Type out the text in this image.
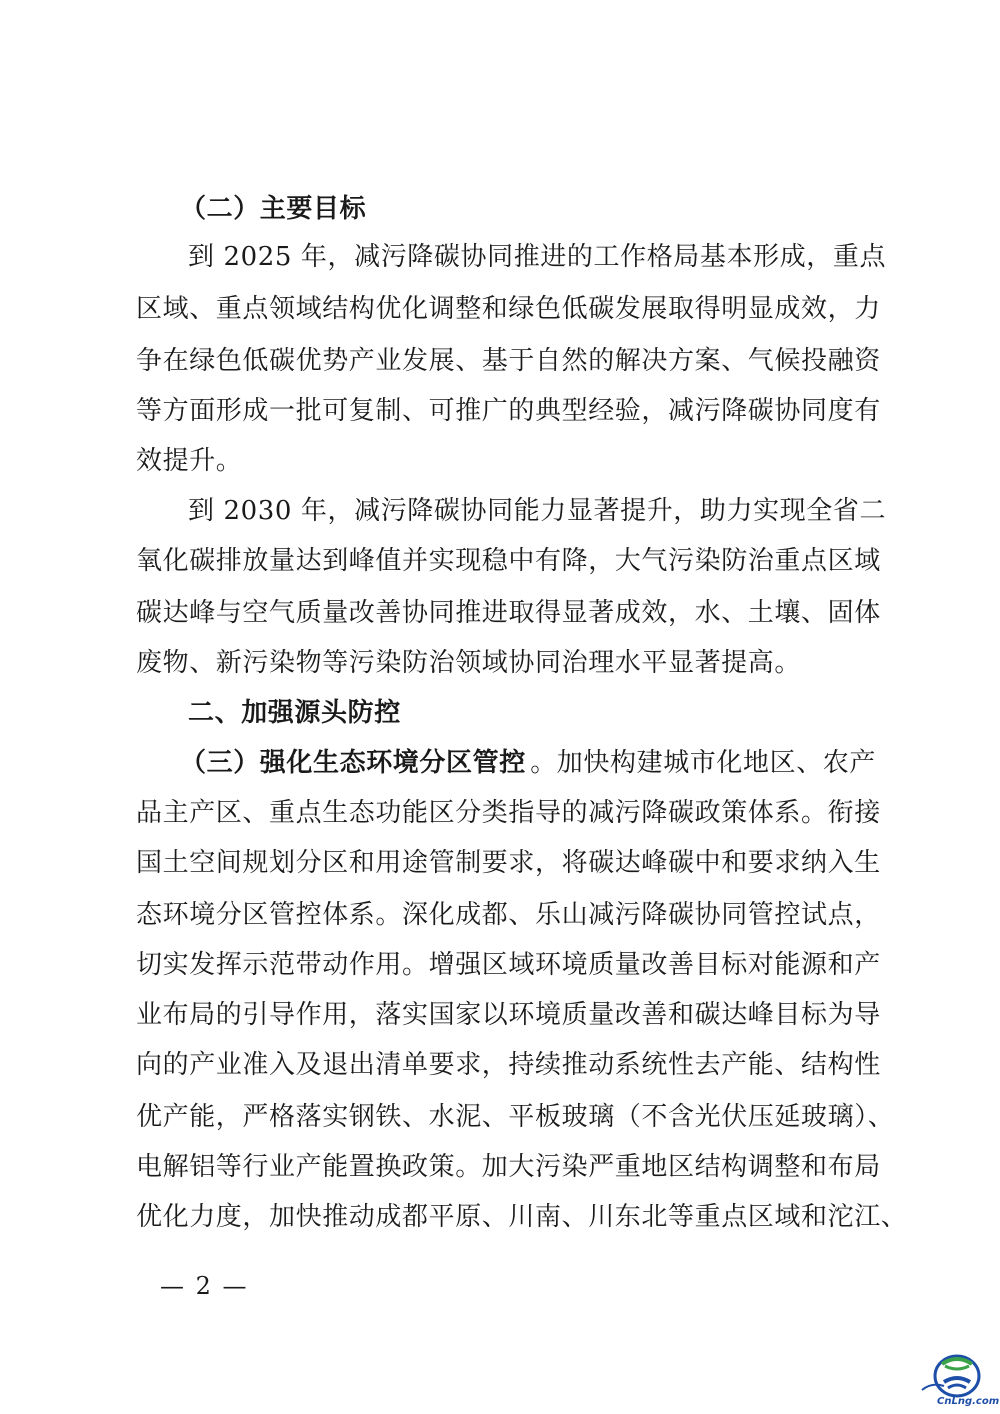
（二）主要目标
到 2025 年，减污降碳协同推进的工作格局基本形成，重点
区域、重点领域结构优化调整和绿色低碳发展取得明显成效，力
争在绿色低碳优势产业发展、基于自然的解决方案、气候投融资
等方面形成一批可复制、可推广的典型经验，减污降碳协同度有
效提升。
到 2030 年，减污降碳协同能力显著提升，助力实现全省二
氧化碳排放量达到峰值并实现稳中有降，大气污染防治重点区域
碳达峰与空气质量改善协同推进取得显著成效，水、土壤、固体
废物、新污染物等污染防治领域协同治理水平显著提高。
二、加强源头防控
（三）强化生态环境分区管控 。加快构建城市化地区、农产
品主产区、重点生态功能区分类指导的减污降碳政策体系。衔接
国土空间规划分区和用途管制要求，将碳达峰碳中和要求纳入生
态环境分区管控体系。深化成都、乐山减污降碳协同管控试点，
切实发挥示范带动作用。增强区域环境质量改善目标对能源和产
业布局的引导作用，落实国家以环境质量改善和碳达峰目标为导
向的产业准入及退出清单要求，持续推动系统性去产能、结构性
优产能，严格落实钢铁、水泥、平板玻璃（不含光伏压延玻璃）、
电解铝等行业产能置换政策。加大污染严重地区结构调整和布局
优化力度，加快推动成都平原、川南、川东北等重点区域和沱江、
— 2 —
CnLng.com
